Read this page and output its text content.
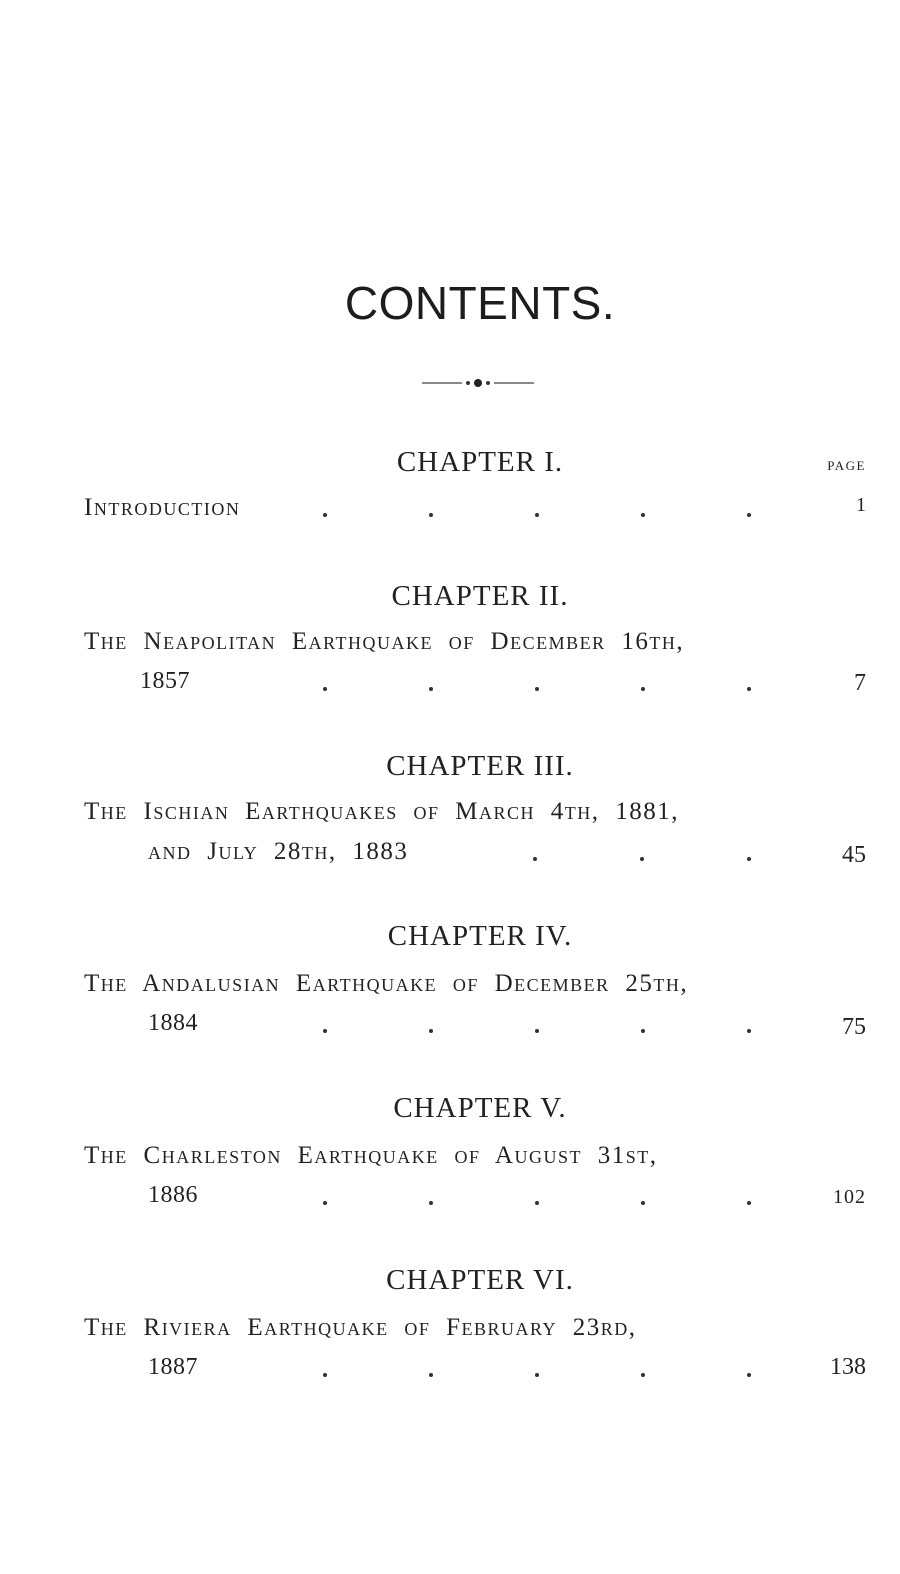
CONTENTS.
PAGE
CHAPTER I.
Introduction	1
CHAPTER II.
The Neapolitan Earthquake of December 16th,
1857	7
CHAPTER III.
The Ischian Earthquakes of March 4th, 1881,
and July 28th, 1883	45
CHAPTER IV.
The Andalusian Earthquake of December 25th,
1884	75
CHAPTER V.
The Charleston Earthquake of August 31st,
1886	102
CHAPTER VI.
The Riviera Earthquake of February 23rd,
1887	138
